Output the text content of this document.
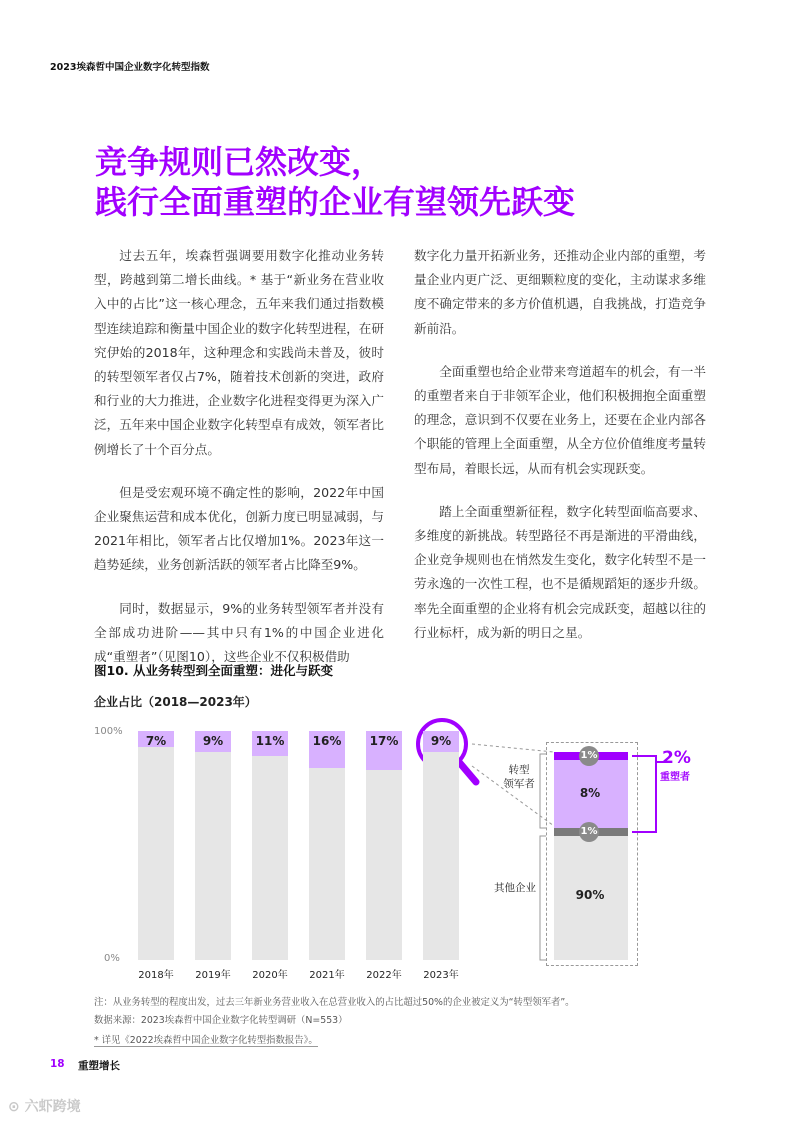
2023埃森哲中国企业数字化转型指数
竞争规则已然改变，
践行全面重塑的企业有望领先跃变

过去五年，埃森哲强调要用数字化推动业务转型，跨越到第二增长曲线。* 基于“新业务在营业收入中的占比”这一核心理念，五年来我们通过指数模型连续追踪和衡量中国企业的数字化转型进程，在研究伊始的2018年，这种理念和实践尚未普及，彼时的转型领军者仅占7%，随着技术创新的突进，政府和行业的大力推进，企业数字化进程变得更为深入广泛，五年来中国企业数字化转型卓有成效，领军者比例增长了十个百分点。

但是受宏观环境不确定性的影响，2022年中国企业聚焦运营和成本优化，创新力度已明显减弱，与2021年相比，领军者占比仅增加1%。2023年这一趋势延续，业务创新活跃的领军者占比降至9%。

同时，数据显示，9%的业务转型领军者并没有全部成功进阶——其中只有1%的中国企业进化成“重塑者”（见图10），这些企业不仅积极借助

数字化力量开拓新业务，还推动企业内部的重塑，考量企业内更广泛、更细颗粒度的变化，主动谋求多维度不确定带来的多方价值机遇，自我挑战，打造竞争新前沿。

全面重塑也给企业带来弯道超车的机会，有一半的重塑者来自于非领军企业，他们积极拥抱全面重塑的理念，意识到不仅要在业务上，还要在企业内部各个职能的管理上全面重塑，从全方位价值维度考量转型布局，着眼长远，从而有机会实现跃变。

踏上全面重塑新征程，数字化转型面临高要求、多维度的新挑战。转型路径不再是渐进的平滑曲线，企业竞争规则也在悄然发生变化，数字化转型不是一劳永逸的一次性工程，也不是循规蹈矩的逐步升级。率先全面重塑的企业将有机会完成跃变，超越以往的行业标杆，成为新的明日之星。

图10. 从业务转型到全面重塑：进化与跃变
企业占比（2018—2023年）
100%
0%
1%
8%
1%
90%
转型
领军者
其他企业
2%
重塑者
注：从业务转型的程度出发，过去三年新业务营业收入在总营业收入的占比超过50%的企业被定义为“转型领军者”。
数据来源：2023埃森哲中国企业数字化转型调研（N=553）
* 详见《2022埃森哲中国企业数字化转型指数报告》。
18 重塑增长
⊙ 六虾跨境
7%
2018年
9%
2019年
11%
2020年
16%
2021年
17%
2022年
9%
2023年
